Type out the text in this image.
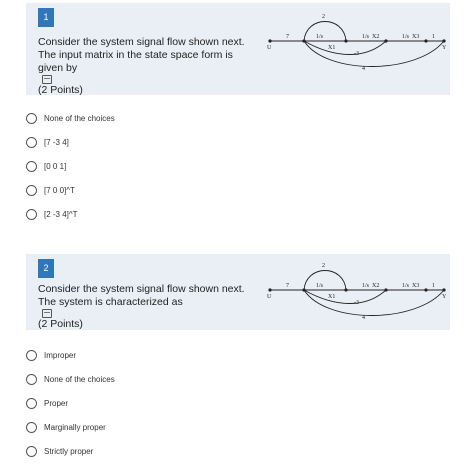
1
Consider the system signal flow shown next.
The input matrix in the state space form is
given by
(2 Points)
U
7
2
1/s
X1
1/s X2
-3
1/s X3 1
4
Y
None of the choices
[7 -3 4]
[0 0 1]
[7 0 0]^T
[2 -3 4]^T
2
Consider the system signal flow shown next.
The system is characterized as
(2 Points)
U
7
2
1/s
X1
1/s X2
-3
1/s X3 1
4
Y
Improper
None of the choices
Proper
Marginally proper
Strictly proper
